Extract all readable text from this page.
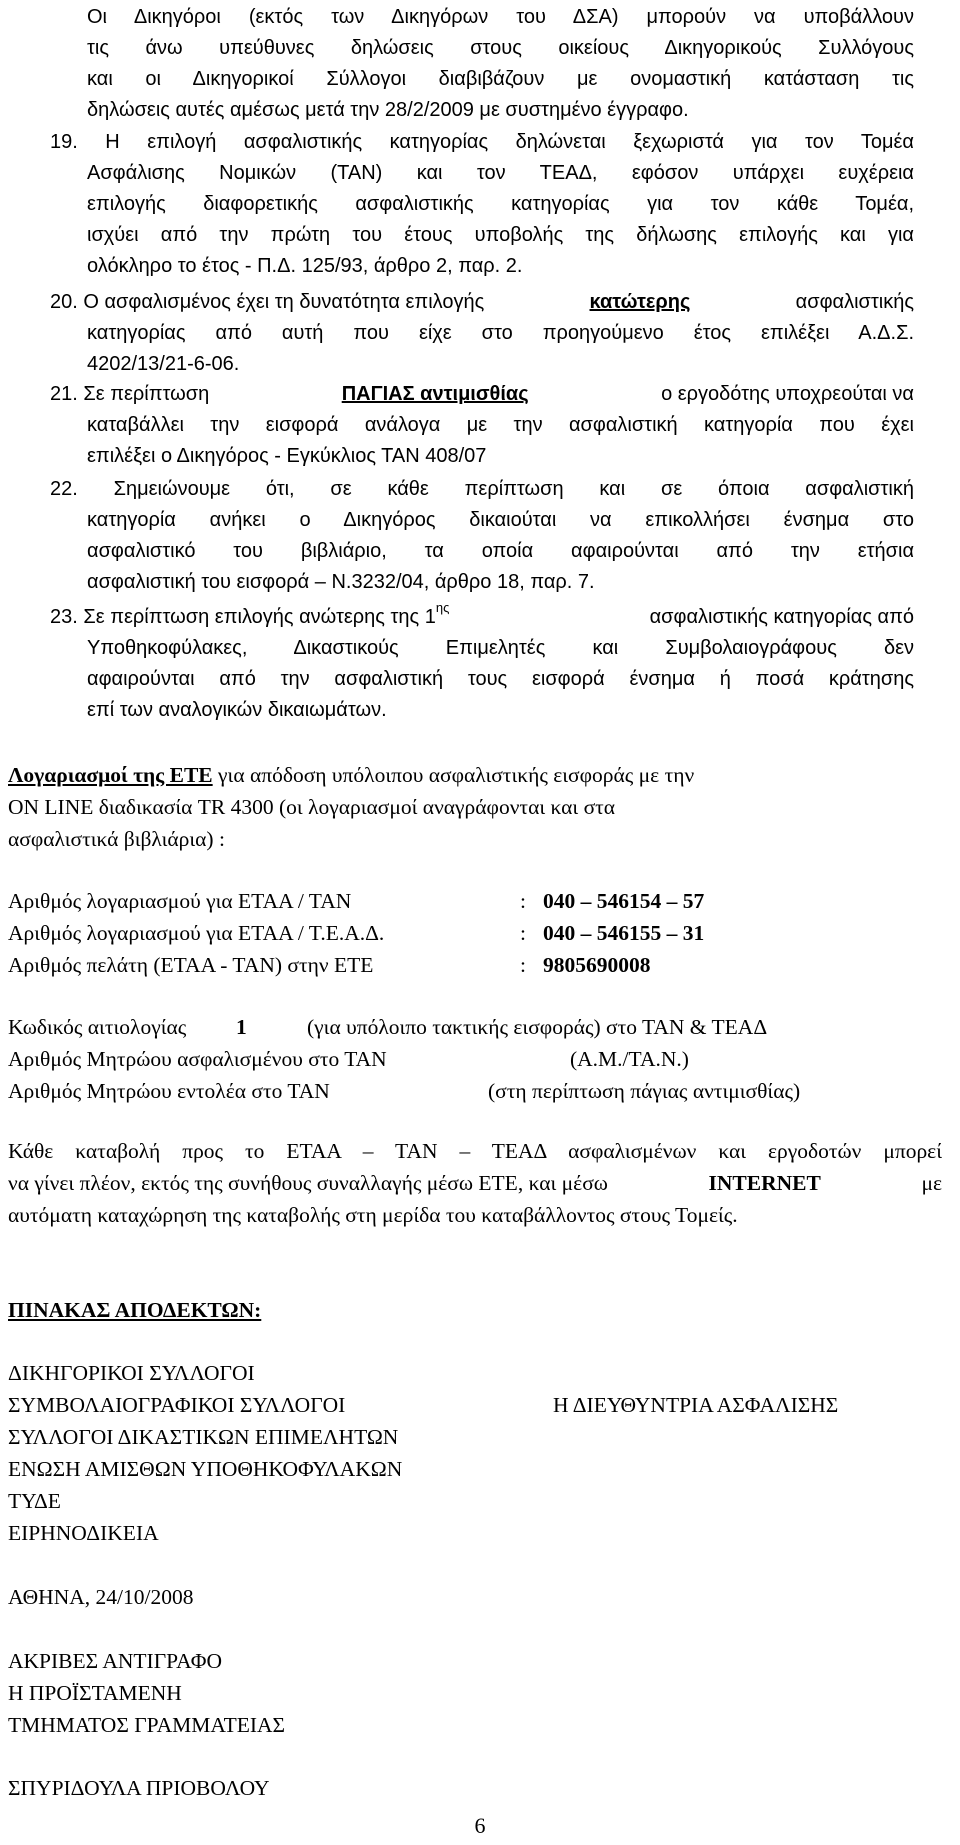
Οι Δικηγόροι (εκτός των Δικηγόρων του ΔΣΑ) μπορούν να υποβάλλουν
τις άνω υπεύθυνες δηλώσεις στους οικείους Δικηγορικούς Συλλόγους
και οι Δικηγορικοί Σύλλογοι διαβιβάζουν με ονομαστική κατάσταση τις
δηλώσεις αυτές αμέσως μετά την 28/2/2009 με συστημένο έγγραφο.
19. Η επιλογή ασφαλιστικής κατηγορίας δηλώνεται ξεχωριστά για τον Τομέα
Ασφάλισης Νομικών (ΤΑΝ) και τον ΤΕΑΔ, εφόσον υπάρχει ευχέρεια
επιλογής διαφορετικής ασφαλιστικής κατηγορίας για τον κάθε Τομέα,
ισχύει από την πρώτη του έτους υποβολής της δήλωσης επιλογής και για
ολόκληρο το έτος - Π.Δ. 125/93, άρθρο 2, παρ. 2.
20. Ο ασφαλισμένος έχει τη δυνατότητα επιλογής	κατώτερης	ασφαλιστικής
κατηγορίας από αυτή που είχε στο προηγούμενο έτος επιλέξει Α.Δ.Σ.
4202/13/21-6-06.
21. Σε περίπτωση	ΠΑΓΙΑΣ αντιμισθίας	ο εργοδότης υποχρεούται να
καταβάλλει την εισφορά ανάλογα με την ασφαλιστική κατηγορία που έχει
επιλέξει ο Δικηγόρος - Εγκύκλιος ΤΑΝ 408/07
22. Σημειώνουμε ότι, σε κάθε περίπτωση και σε όποια ασφαλιστική
κατηγορία ανήκει ο Δικηγόρος δικαιούται να επικολλήσει ένσημα στο
ασφαλιστικό του βιβλιάριο, τα οποία αφαιρούνται από την ετήσια
ασφαλιστική του εισφορά – Ν.3232/04, άρθρο 18, παρ. 7.
23. Σε περίπτωση επιλογής ανώτερης της $1^{\eta\varsigma}$	ασφαλιστικής κατηγορίας από
Υποθηκοφύλακες, Δικαστικούς Επιμελητές και Συμβολαιογράφους δεν
αφαιρούνται από την ασφαλιστική τους εισφορά ένσημα ή ποσά κράτησης
επί των αναλογικών δικαιωμάτων.
Λογαριασμοί της ΕΤΕ για απόδοση υπόλοιπου ασφαλιστικής εισφοράς με την
ON LINE διαδικασία TR 4300 (οι λογαριασμοί αναγράφονται και στα
ασφαλιστικά βιβλιάρια) :
Αριθμός λογαριασμού για ΕΤΑΑ / ΤΑΝ	: 040 – 546154 – 57
Αριθμός λογαριασμού για ΕΤΑΑ / Τ.Ε.Α.Δ.	: 040 – 546155 – 31
Αριθμός πελάτη (ΕΤΑΑ - ΤΑΝ) στην ΕΤΕ	: 9805690008
Κωδικός αιτιολογίας 1	(για υπόλοιπο τακτικής εισφοράς) στο ΤΑΝ & ΤΕΑΔ
Αριθμός Μητρώου ασφαλισμένου στο ΤΑΝ	(Α.Μ./ΤΑ.Ν.)
Αριθμός Μητρώου εντολέα στο ΤΑΝ	(στη περίπτωση πάγιας αντιμισθίας)
Κάθε καταβολή προς το ΕΤΑΑ – ΤΑΝ – ΤΕΑΔ ασφαλισμένων και εργοδοτών μπορεί
να γίνει πλέον, εκτός της συνήθους συναλλαγής μέσω ΕΤΕ, και μέσω	INTERNET	με
αυτόματη καταχώρηση της καταβολής στη μερίδα του καταβάλλοντος στους Τομείς.
ΠΙΝΑΚΑΣ ΑΠΟΔΕΚΤΩΝ:
ΔΙΚΗΓΟΡΙΚΟΙ ΣΥΛΛΟΓΟΙ
ΣΥΜΒΟΛΑΙΟΓΡΑΦΙΚΟΙ ΣΥΛΛΟΓΟΙ	Η ΔΙΕΥΘΥΝΤΡΙΑ ΑΣΦΑΛΙΣΗΣ
ΣΥΛΛΟΓΟΙ ΔΙΚΑΣΤΙΚΩΝ ΕΠΙΜΕΛΗΤΩΝ
ΕΝΩΣΗ ΑΜΙΣΘΩΝ ΥΠΟΘΗΚΟΦΥΛΑΚΩΝ
ΤΥΔΕ
ΕΙΡΗΝΟΔΙΚΕΙΑ
ΑΘΗΝΑ, 24/10/2008
ΑΚΡΙΒΕΣ ΑΝΤΙΓΡΑΦΟ
Η ΠΡΟΪΣΤΑΜΕΝΗ
ΤΜΗΜΑΤΟΣ ΓΡΑΜΜΑΤΕΙΑΣ
ΣΠΥΡΙΔΟΥΛΑ ΠΡΙΟΒΟΛΟΥ
6
